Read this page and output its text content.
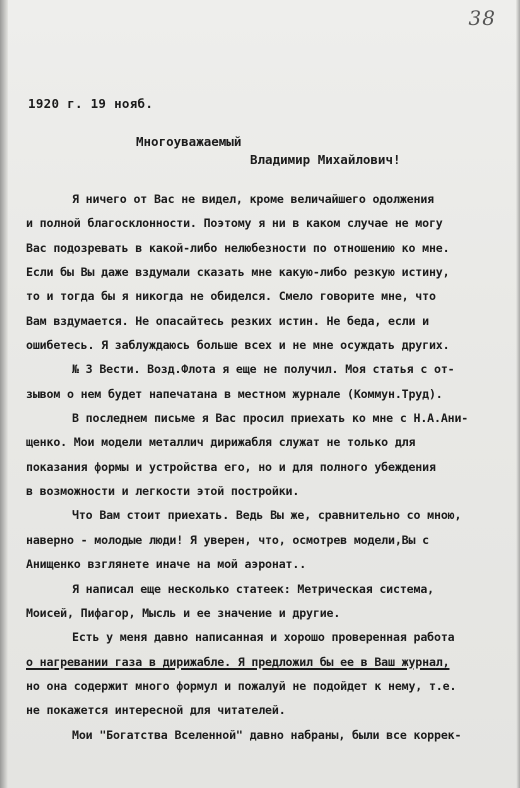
38
1920 г. 19 нояб.
Многоуважаемый
Владимир Михайлович!
Я ничего от Вас не видел, кроме величайшего одолжения
и полной благосклонности. Поэтому я ни в каком случае не могу
Вас подозревать в какой-либо нелюбезности по отношению ко мне.
Если бы Вы даже вздумали сказать мне какую-либо резкую истину,
то и тогда бы я никогда не обиделся. Смело говорите мне, что
Вам вздумается. Не опасайтесь резких истин. Не беда, если и
ошибетесь. Я заблуждаюсь больше всех и не мне осуждать других.
№ 3 Вести. Возд.Флота я еще не получил. Моя статья с от-
зывом о нем будет напечатана в местном журнале (Коммун.Труд).
В последнем письме я Вас просил приехать ко мне с Н.А.Ани-
щенко. Мои модели металлич дирижабля служат не только для
показания формы и устройства его, но и для полного убеждения
в возможности и легкости этой постройки.
Что Вам стоит приехать. Ведь Вы же, сравнительно со мною,
наверно - молодые люди! Я уверен, что, осмотрев модели,Вы с
Анищенко взглянете иначе на мой аэронат..
Я написал еще несколько статеек: Метрическая система,
Моисей, Пифагор, Мысль и ее значение и другие.
Есть у меня давно написанная и хорошо проверенная работа
о нагревании газа в дирижабле. Я предложил бы ее в Ваш журнал,
но она содержит много формул и пожалуй не подойдет к нему, т.е.
не покажется интересной для читателей.
Мои "Богатства Вселенной" давно набраны, были все коррек-
